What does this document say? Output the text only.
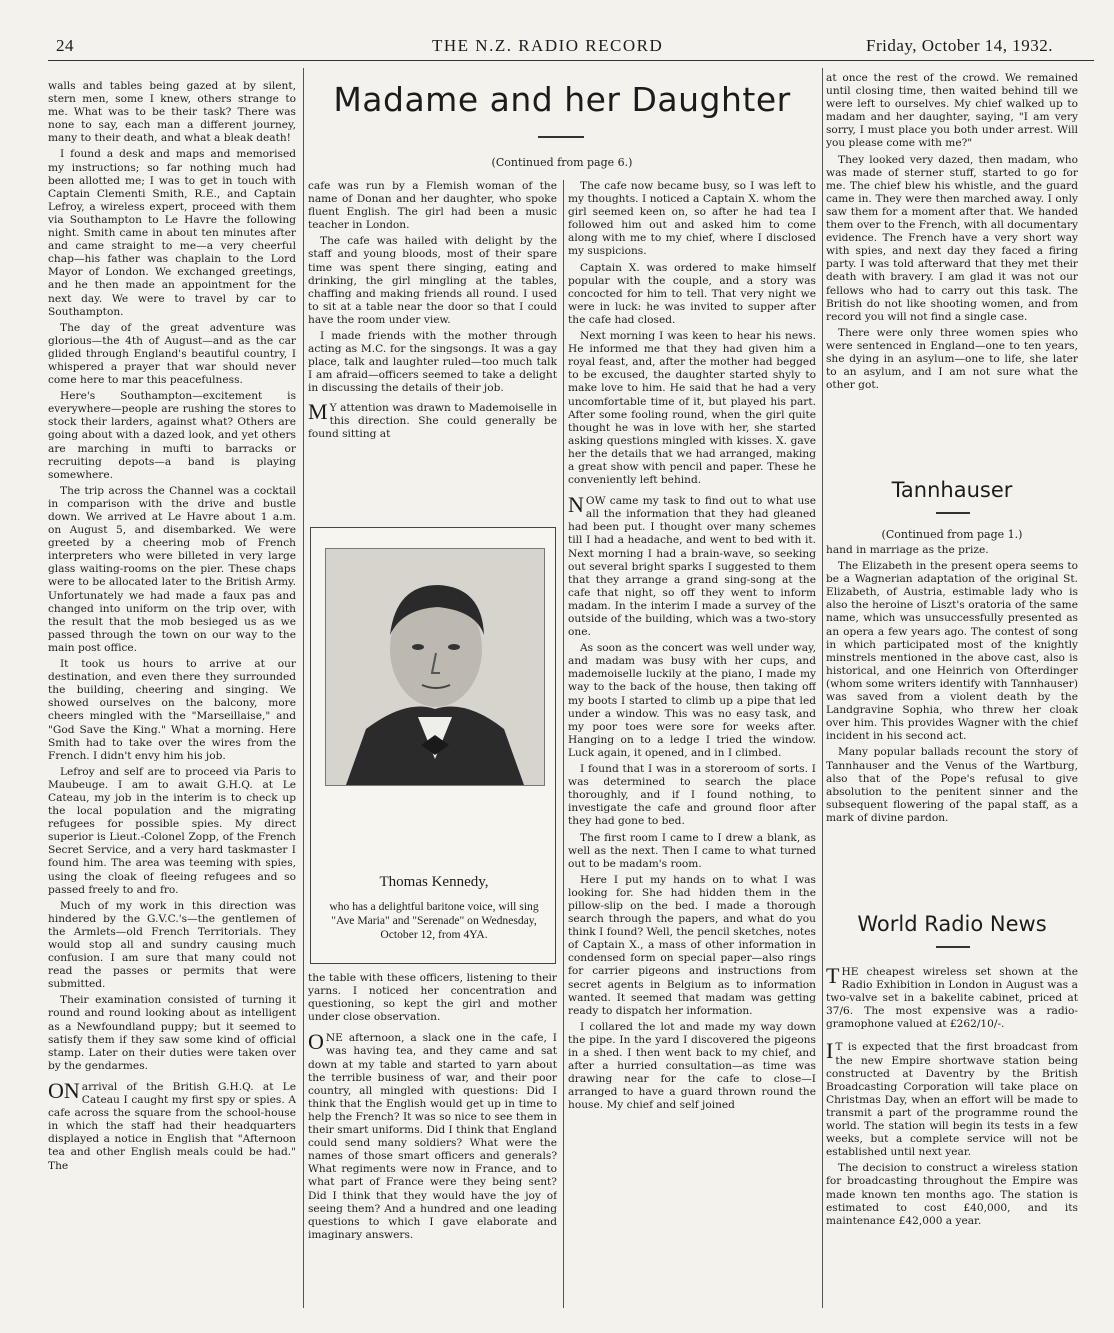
24	THE N.Z. RADIO RECORD	Friday, October 14, 1932.

walls and tables being gazed at by silent, stern men, some I knew, others strange to me. What was to be their task? There was none to say, each man a different journey, many to their death, and what a bleak death!

I found a desk and maps and memorised my instructions; so far nothing much had been allotted me; I was to get in touch with Captain Clementi Smith, R.E., and Captain Lefroy, a wireless expert, proceed with them via Southampton to Le Havre the following night. Smith came in about ten minutes after and came straight to me—a very cheerful chap—his father was chaplain to the Lord Mayor of London. We exchanged greetings, and he then made an appointment for the next day. We were to travel by car to Southampton.

The day of the great adventure was glorious—the 4th of August—and as the car glided through England's beautiful country, I whispered a prayer that war should never come here to mar this peacefulness.

Here's Southampton—excitement is everywhere—people are rushing the stores to stock their larders, against what? Others are going about with a dazed look, and yet others are marching in mufti to barracks or recruiting depots—a band is playing somewhere.

The trip across the Channel was a cocktail in comparison with the drive and bustle down. We arrived at Le Havre about 1 a.m. on August 5, and disembarked. We were greeted by a cheering mob of French interpreters who were billeted in very large glass waiting-rooms on the pier. These chaps were to be allocated later to the British Army. Unfortunately we had made a faux pas and changed into uniform on the trip over, with the result that the mob besieged us as we passed through the town on our way to the main post office.

It took us hours to arrive at our destination, and even there they surrounded the building, cheering and singing. We showed ourselves on the balcony, more cheers mingled with the "Marseillaise," and "God Save the King." What a morning. Here Smith had to take over the wires from the French. I didn't envy him his job.

Lefroy and self are to proceed via Paris to Maubeuge. I am to await G.H.Q. at Le Cateau, my job in the interim is to check up the local population and the migrating refugees for possible spies. My direct superior is Lieut.-Colonel Zopp, of the French Secret Service, and a very hard taskmaster I found him. The area was teeming with spies, using the cloak of fleeing refugees and so passed freely to and fro.

Much of my work in this direction was hindered by the G.V.C.'s—the gentlemen of the Armlets—old French Territorials. They would stop all and sundry causing much confusion. I am sure that many could not read the passes or permits that were submitted.

Their examination consisted of turning it round and round looking about as intelligent as a Newfoundland puppy; but it seemed to satisfy them if they saw some kind of official stamp. Later on their duties were taken over by the gendarmes.

ON arrival of the British G.H.Q. at Le Cateau I caught my first spy or spies. A cafe across the square from the school-house in which the staff had their headquarters displayed a notice in English that "Afternoon tea and other English meals could be had." The

Madame and her Daughter
(Continued from page 6.)

cafe was run by a Flemish woman of the name of Donan and her daughter, who spoke fluent English. The girl had been a music teacher in London.

The cafe was hailed with delight by the staff and young bloods, most of their spare time was spent there singing, eating and drinking, the girl mingling at the tables, chaffing and making friends all round. I used to sit at a table near the door so that I could have the room under view.

I made friends with the mother through acting as M.C. for the singsongs. It was a gay place, talk and laughter ruled—too much talk I am afraid—officers seemed to take a delight in discussing the details of their job.

M Y attention was drawn to Mademoiselle in this direction. She could generally be found sitting at

Thomas Kennedy,
who has a delightful baritone voice, will sing "Ave Maria" and "Serenade" on Wednesday, October 12, from 4YA.

the table with these officers, listening to their yarns. I noticed her concentration and questioning, so kept the girl and mother under close observation.

ONE afternoon, a slack one in the cafe, I was having tea, and they came and sat down at my table and started to yarn about the terrible business of war, and their poor country, all mingled with questions: Did I think that the English would get up in time to help the French? It was so nice to see them in their smart uniforms. Did I think that England could send many soldiers? What were the names of those smart officers and generals? What regiments were now in France, and to what part of France were they being sent? Did I think that they would have the joy of seeing them? And a hundred and one leading questions to which I gave elaborate and imaginary answers.

The cafe now became busy, so I was left to my thoughts. I noticed a Captain X. whom the girl seemed keen on, so after he had tea I followed him out and asked him to come along with me to my chief, where I disclosed my suspicions.

Captain X. was ordered to make himself popular with the couple, and a story was concocted for him to tell. That very night we were in luck: he was invited to supper after the cafe had closed.

Next morning I was keen to hear his news. He informed me that they had given him a royal feast, and, after the mother had begged to be excused, the daughter started shyly to make love to him. He said that he had a very uncomfortable time of it, but played his part. After some fooling round, when the girl quite thought he was in love with her, she started asking questions mingled with kisses. X. gave her the details that we had arranged, making a great show with pencil and paper. These he conveniently left behind.

NOW came my task to find out to what use all the information that they had gleaned had been put. I thought over many schemes till I had a headache, and went to bed with it. Next morning I had a brain-wave, so seeking out several bright sparks I suggested to them that they arrange a grand sing-song at the cafe that night, so off they went to inform madam. In the interim I made a survey of the outside of the building, which was a two-story one.

As soon as the concert was well under way, and madam was busy with her cups, and mademoiselle luckily at the piano, I made my way to the back of the house, then taking off my boots I started to climb up a pipe that led under a window. This was no easy task, and my poor toes were sore for weeks after. Hanging on to a ledge I tried the window. Luck again, it opened, and in I climbed.

I found that I was in a storeroom of sorts. I was determined to search the place thoroughly, and if I found nothing, to investigate the cafe and ground floor after they had gone to bed.

The first room I came to I drew a blank, as well as the next. Then I came to what turned out to be madam's room.

Here I put my hands on to what I was looking for. She had hidden them in the pillow-slip on the bed. I made a thorough search through the papers, and what do you think I found? Well, the pencil sketches, notes of Captain X., a mass of other information in condensed form on special paper—also rings for carrier pigeons and instructions from secret agents in Belgium as to information wanted. It seemed that madam was getting ready to dispatch her information.

I collared the lot and made my way down the pipe. In the yard I discovered the pigeons in a shed. I then went back to my chief, and after a hurried consultation—as time was drawing near for the cafe to close—I arranged to have a guard thrown round the house. My chief and self joined

at once the rest of the crowd. We remained until closing time, then waited behind till we were left to ourselves. My chief walked up to madam and her daughter, saying, "I am very sorry, I must place you both under arrest. Will you please come with me?"

They looked very dazed, then madam, who was made of sterner stuff, started to go for me. The chief blew his whistle, and the guard came in. They were then marched away. I only saw them for a moment after that. We handed them over to the French, with all documentary evidence. The French have a very short way with spies, and next day they faced a firing party. I was told afterward that they met their death with bravery. I am glad it was not our fellows who had to carry out this task. The British do not like shooting women, and from record you will not find a single case.

There were only three women spies who were sentenced in England—one to ten years, she dying in an asylum—one to life, she later to an asylum, and I am not sure what the other got.

Tannhauser
(Continued from page 1.)

hand in marriage as the prize.

The Elizabeth in the present opera seems to be a Wagnerian adaptation of the original St. Elizabeth, of Austria, estimable lady who is also the heroine of Liszt's oratoria of the same name, which was unsuccessfully presented as an opera a few years ago. The contest of song in which participated most of the knightly minstrels mentioned in the above cast, also is historical, and one Heinrich von Ofterdinger (whom some writers identify with Tannhauser) was saved from a violent death by the Landgravine Sophia, who threw her cloak over him. This provides Wagner with the chief incident in his second act.

Many popular ballads recount the story of Tannhauser and the Venus of the Wartburg, also that of the Pope's refusal to give absolution to the penitent sinner and the subsequent flowering of the papal staff, as a mark of divine pardon.

World Radio News

THE cheapest wireless set shown at the Radio Exhibition in London in August was a two-valve set in a bakelite cabinet, priced at 37/6. The most expensive was a radio-gramophone valued at £262/10/-.

I T is expected that the first broadcast from the new Empire shortwave station being constructed at Daventry by the British Broadcasting Corporation will take place on Christmas Day, when an effort will be made to transmit a part of the programme round the world. The station will begin its tests in a few weeks, but a complete service will not be established until next year.

The decision to construct a wireless station for broadcasting throughout the Empire was made known ten months ago. The station is estimated to cost £40,000, and its maintenance £42,000 a year.
